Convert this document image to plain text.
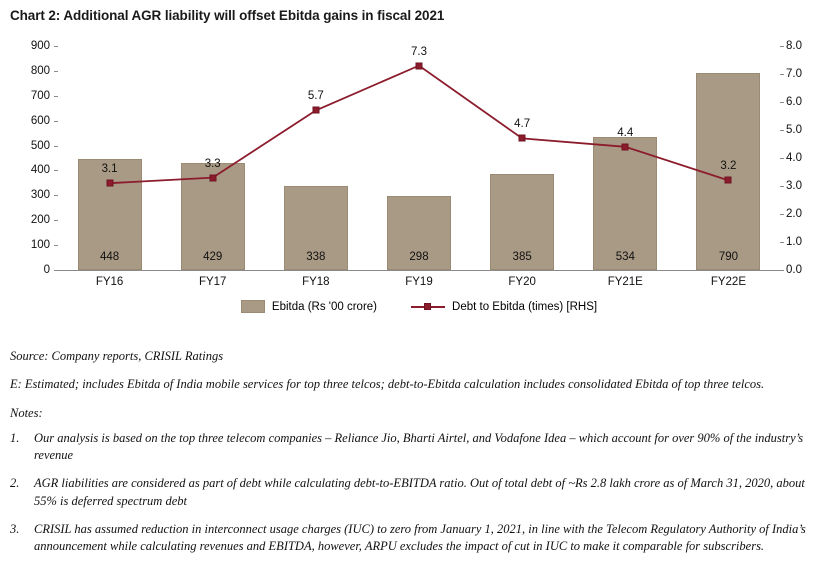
Chart 2: Additional AGR liability will offset Ebitda gains in fiscal 2021
0
100
200
300
400
500
600
700
800
900
0.0
1.0
2.0
3.0
4.0
5.0
6.0
7.0
8.0
448	429	338	298	385	534	790
3.1	3.3
5.7
7.3
4.7
4.4
3.2
FY16	FY17	FY18	FY19	FY20	FY21E	FY22E
Ebitda (Rs '00 crore)	Debt to Ebitda (times) [RHS]

Source: Company reports, CRISIL Ratings

E: Estimated; includes Ebitda of India mobile services for top three telcos; debt-to-Ebitda calculation includes consolidated Ebitda of top three telcos.

Notes:

1.	Our analysis is based on the top three telecom companies – Reliance Jio, Bharti Airtel, and Vodafone Idea – which account for over 90% of the industry’s revenue
2.	AGR liabilities are considered as part of debt while calculating debt-to-EBITDA ratio. Out of total debt of ~Rs 2.8 lakh crore as of March 31, 2020, about 55% is deferred spectrum debt
3.	CRISIL has assumed reduction in interconnect usage charges (IUC) to zero from January 1, 2021, in line with the Telecom Regulatory Authority of India’s announcement while calculating revenues and EBITDA, however, ARPU excludes the impact of cut in IUC to make it comparable for subscribers.
